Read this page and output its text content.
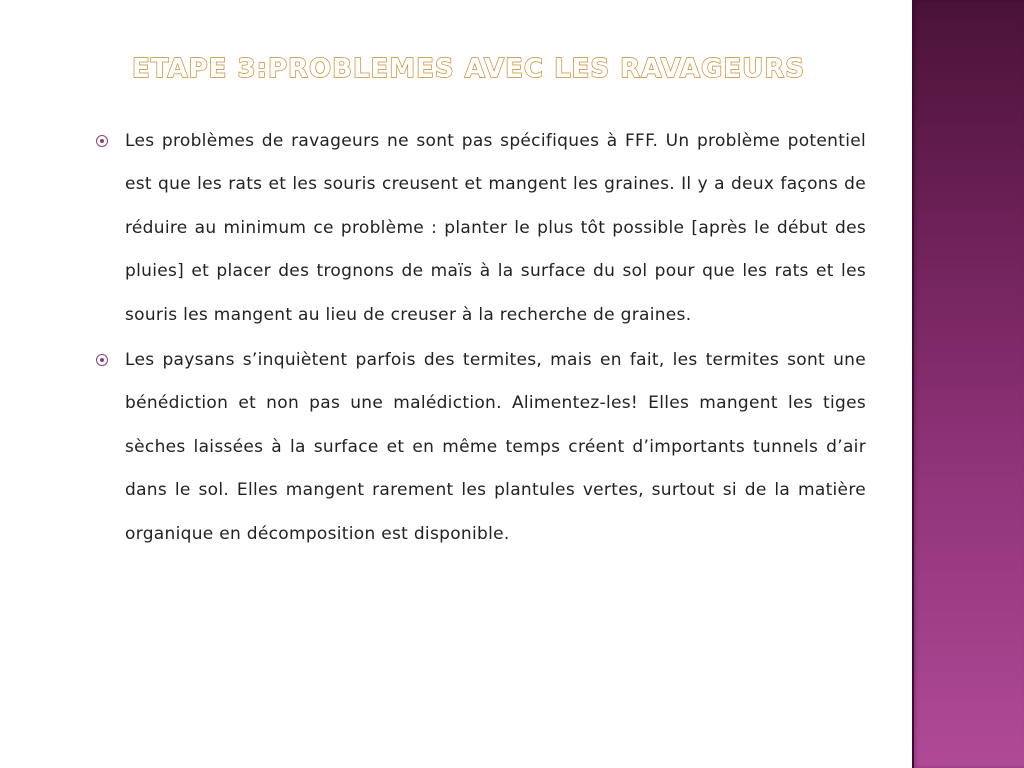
ETAPE 3:PROBLEMES AVEC LES RAVAGEURS
Les problèmes de ravageurs ne sont pas spécifiques à FFF. Un problème potentiel est que les rats et les souris creusent et mangent les graines. Il y a deux façons de réduire au minimum ce problème : planter le plus tôt possible [après le début des pluies] et placer des trognons de maïs à la surface du sol pour que les rats et les souris les mangent au lieu de creuser à la recherche de graines.
Les paysans s’inquiètent parfois des termites, mais en fait, les termites sont une bénédiction et non pas une malédiction. Alimentez-les! Elles mangent les tiges sèches laissées à la surface et en même temps créent d’importants tunnels d’air dans le sol. Elles mangent rarement les plantules vertes, surtout si de la matière organique en décomposition est disponible.
